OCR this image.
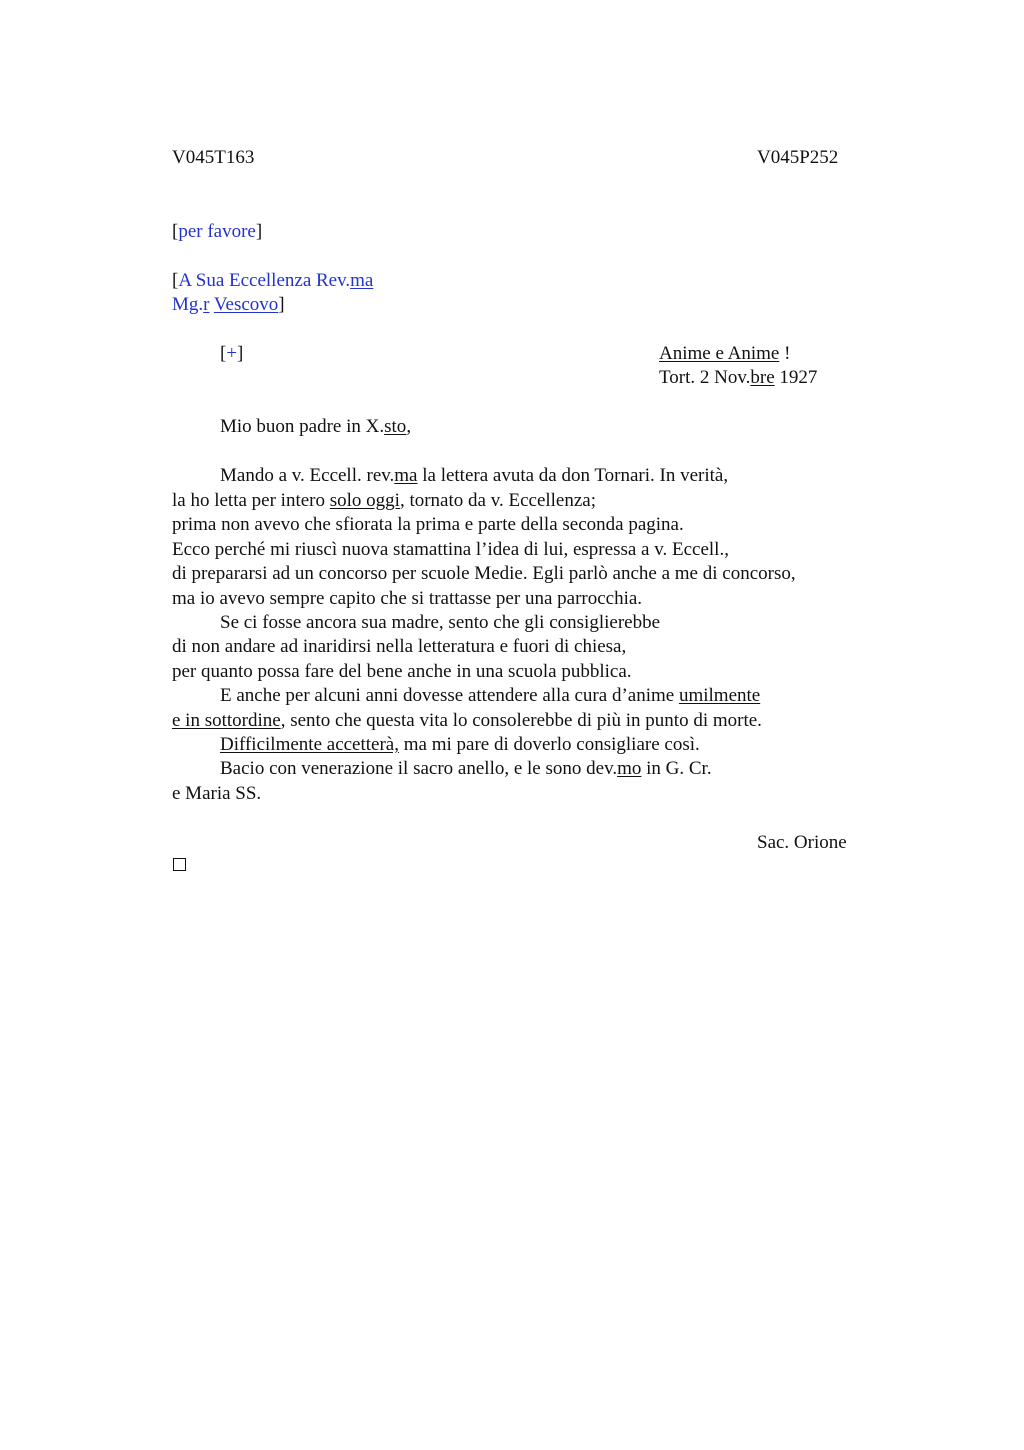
V045T163	V045P252
[per favore]
[A Sua Eccellenza Rev.ma
Mg.r Vescovo]
[+]	Anime e Anime !
Tort. 2 Nov.bre 1927
Mio buon padre in X.sto,
Mando a v. Eccell. rev.ma la lettera avuta da don Tornari. In verità,
la ho letta per intero solo oggi, tornato da v. Eccellenza;
prima non avevo che sfiorata la prima e parte della seconda pagina.
Ecco perché mi riuscì nuova stamattina l’idea di lui, espressa a v. Eccell.,
di prepararsi ad un concorso per scuole Medie. Egli parlò anche a me di concorso,
ma io avevo sempre capito che si trattasse per una parrocchia.
Se ci fosse ancora sua madre, sento che gli consiglierebbe
di non andare ad inaridirsi nella letteratura e fuori di chiesa,
per quanto possa fare del bene anche in una scuola pubblica.
E anche per alcuni anni dovesse attendere alla cura d’anime umilmente
e in sottordine, sento che questa vita lo consolerebbe di più in punto di morte.
Difficilmente accetterà, ma mi pare di doverlo consigliare così.
Bacio con venerazione il sacro anello, e le sono dev.mo in G. Cr.
e Maria SS.
Sac. Orione
